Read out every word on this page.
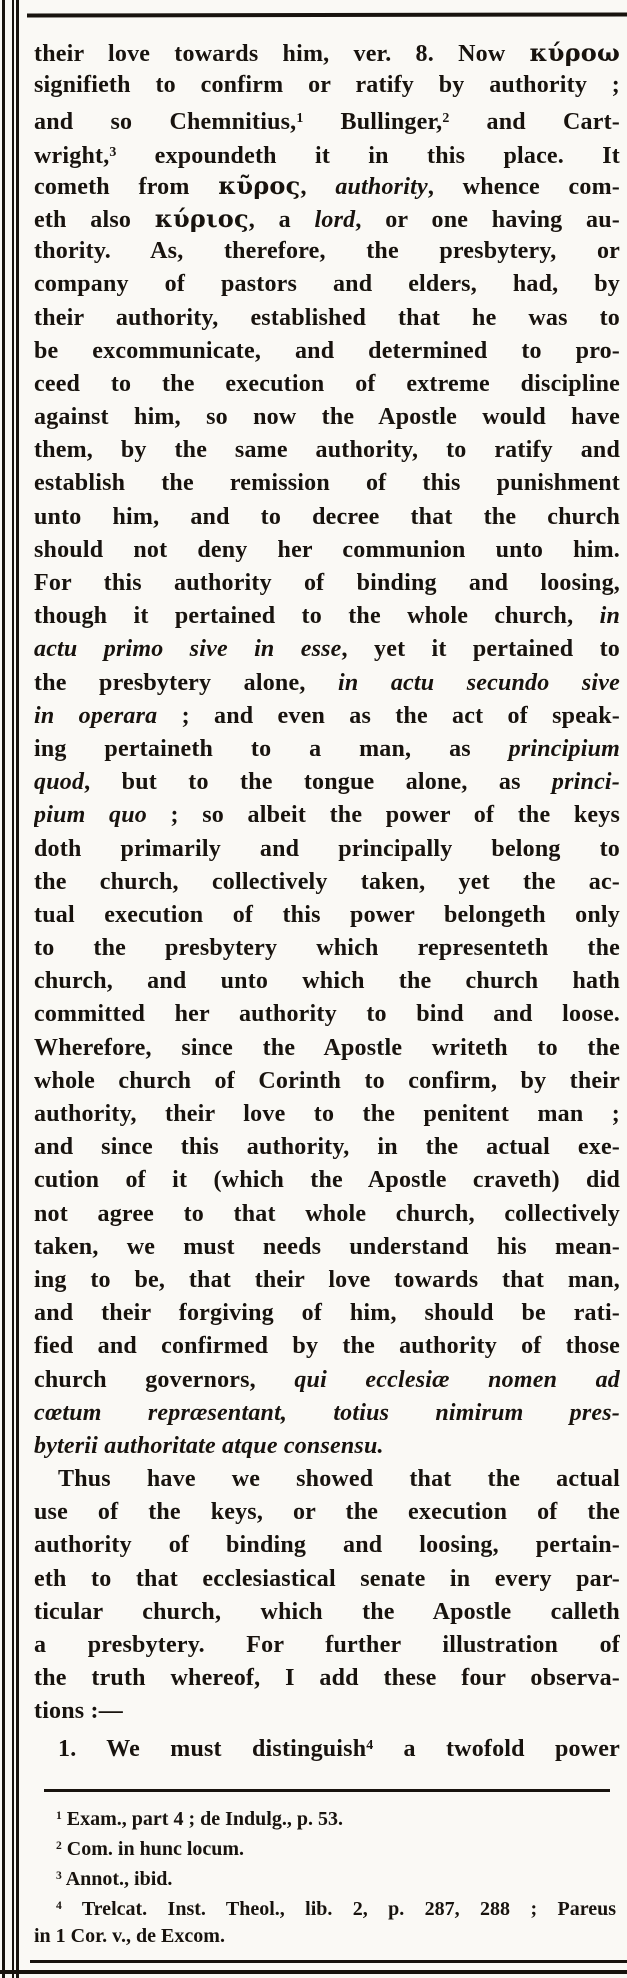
their love towards him, ver. 8. Now κύροω
signifieth to confirm or ratify by authority ;
and so Chemnitius,$^1$ Bullinger,$^2$ and Cart-
wright,$^3$ expoundeth it in this place. It
cometh from κῦρος, authority, whence com-
eth also κύριος, a lord, or one having au-
thority. As, therefore, the presbytery, or
company of pastors and elders, had, by
their authority, established that he was to
be excommunicate, and determined to pro-
ceed to the execution of extreme discipline
against him, so now the Apostle would have
them, by the same authority, to ratify and
establish the remission of this punishment
unto him, and to decree that the church
should not deny her communion unto him.
For this authority of binding and loosing,
though it pertained to the whole church, in
actu primo sive in esse, yet it pertained to
the presbytery alone, in actu secundo sive
in operara ; and even as the act of speak-
ing pertaineth to a man, as principium
quod, but to the tongue alone, as princi-
pium quo ; so albeit the power of the keys
doth primarily and principally belong to
the church, collectively taken, yet the ac-
tual execution of this power belongeth only
to the presbytery which representeth the
church, and unto which the church hath
committed her authority to bind and loose.
Wherefore, since the Apostle writeth to the
whole church of Corinth to confirm, by their
authority, their love to the penitent man ;
and since this authority, in the actual exe-
cution of it (which the Apostle craveth) did
not agree to that whole church, collectively
taken, we must needs understand his mean-
ing to be, that their love towards that man,
and their forgiving of him, should be rati-
fied and confirmed by the authority of those
church governors, qui ecclesiæ nomen ad
cœtum repræsentant, totius nimirum pres-
byterii authoritate atque consensu.
Thus have we showed that the actual
use of the keys, or the execution of the
authority of binding and loosing, pertain-
eth to that ecclesiastical senate in every par-
ticular church, which the Apostle calleth
a presbytery. For further illustration of
the truth whereof, I add these four observa-
tions :—
1. We must distinguish$^4$ a twofold power
$^1$ Exam., part 4 ; de Indulg., p. 53.
$^2$ Com. in hunc locum.
$^3$ Annot., ibid.
$^4$ Trelcat. Inst. Theol., lib. 2, p. 287, 288 ; Pareus
in 1 Cor. v., de Excom.
